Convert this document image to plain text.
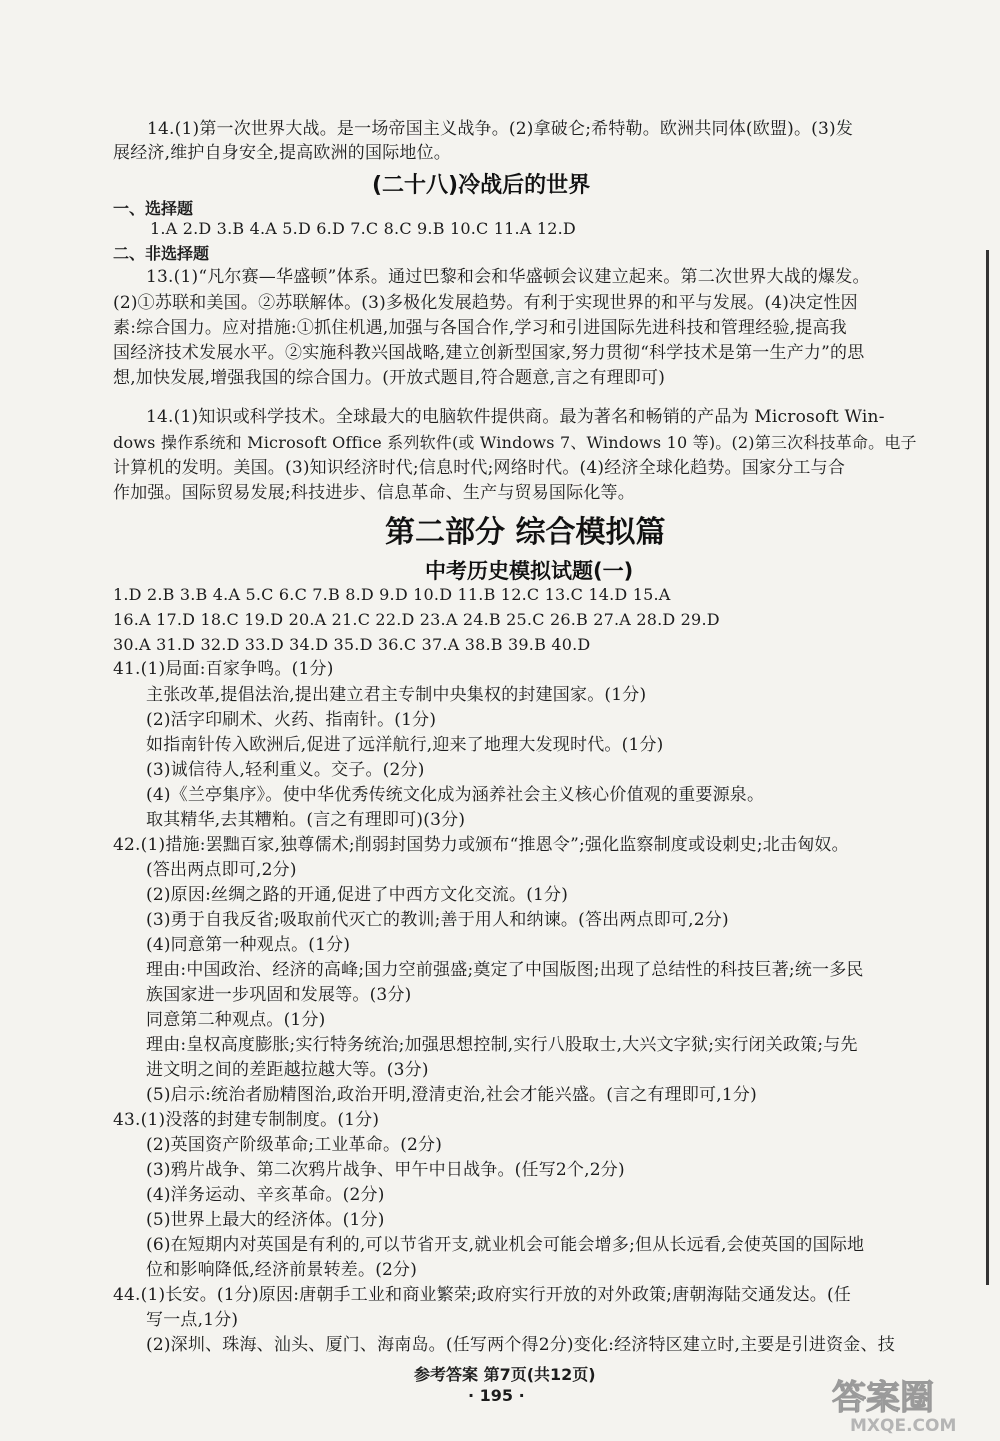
14.(1)第一次世界大战。是一场帝国主义战争。(2)拿破仑;希特勒。欧洲共同体(欧盟)。(3)发
展经济,维护自身安全,提高欧洲的国际地位。
(二十八)冷战后的世界
一、选择题
1.A 2.D 3.B 4.A 5.D 6.D 7.C 8.C 9.B 10.C 11.A 12.D
二、非选择题
13.(1)“凡尔赛—华盛顿”体系。通过巴黎和会和华盛顿会议建立起来。第二次世界大战的爆发。
(2)①苏联和美国。②苏联解体。(3)多极化发展趋势。有利于实现世界的和平与发展。(4)决定性因
素:综合国力。应对措施:①抓住机遇,加强与各国合作,学习和引进国际先进科技和管理经验,提高我
国经济技术发展水平。②实施科教兴国战略,建立创新型国家,努力贯彻“科学技术是第一生产力”的思
想,加快发展,增强我国的综合国力。(开放式题目,符合题意,言之有理即可)
14.(1)知识或科学技术。全球最大的电脑软件提供商。最为著名和畅销的产品为 Microsoft Win-
dows 操作系统和 Microsoft Office 系列软件(或 Windows 7、Windows 10 等)。(2)第三次科技革命。电子
计算机的发明。美国。(3)知识经济时代;信息时代;网络时代。(4)经济全球化趋势。国家分工与合
作加强。国际贸易发展;科技进步、信息革命、生产与贸易国际化等。
第二部分 综合模拟篇
中考历史模拟试题(一)
1.D 2.B 3.B 4.A 5.C 6.C 7.B 8.D 9.D 10.D 11.B 12.C 13.C 14.D 15.A
16.A 17.D 18.C 19.D 20.A 21.C 22.D 23.A 24.B 25.C 26.B 27.A 28.D 29.D
30.A 31.D 32.D 33.D 34.D 35.D 36.C 37.A 38.B 39.B 40.D
41.(1)局面:百家争鸣。(1分)
主张改革,提倡法治,提出建立君主专制中央集权的封建国家。(1分)
(2)活字印刷术、火药、指南针。(1分)
如指南针传入欧洲后,促进了远洋航行,迎来了地理大发现时代。(1分)
(3)诚信待人,轻利重义。交子。(2分)
(4)《兰亭集序》。使中华优秀传统文化成为涵养社会主义核心价值观的重要源泉。
取其精华,去其糟粕。(言之有理即可)(3分)
42.(1)措施:罢黜百家,独尊儒术;削弱封国势力或颁布“推恩令”;强化监察制度或设刺史;北击匈奴。
(答出两点即可,2分)
(2)原因:丝绸之路的开通,促进了中西方文化交流。(1分)
(3)勇于自我反省;吸取前代灭亡的教训;善于用人和纳谏。(答出两点即可,2分)
(4)同意第一种观点。(1分)
理由:中国政治、经济的高峰;国力空前强盛;奠定了中国版图;出现了总结性的科技巨著;统一多民
族国家进一步巩固和发展等。(3分)
同意第二种观点。(1分)
理由:皇权高度膨胀;实行特务统治;加强思想控制,实行八股取士,大兴文字狱;实行闭关政策;与先
进文明之间的差距越拉越大等。(3分)
(5)启示:统治者励精图治,政治开明,澄清吏治,社会才能兴盛。(言之有理即可,1分)
43.(1)没落的封建专制制度。(1分)
(2)英国资产阶级革命;工业革命。(2分)
(3)鸦片战争、第二次鸦片战争、甲午中日战争。(任写2个,2分)
(4)洋务运动、辛亥革命。(2分)
(5)世界上最大的经济体。(1分)
(6)在短期内对英国是有利的,可以节省开支,就业机会可能会增多;但从长远看,会使英国的国际地
位和影响降低,经济前景转差。(2分)
44.(1)长安。(1分)原因:唐朝手工业和商业繁荣;政府实行开放的对外政策;唐朝海陆交通发达。(任
写一点,1分)
(2)深圳、珠海、汕头、厦门、海南岛。(任写两个得2分)变化:经济特区建立时,主要是引进资金、技
参考答案 第7页(共12页)
· 195 ·	答案圈
MXQE.COM
